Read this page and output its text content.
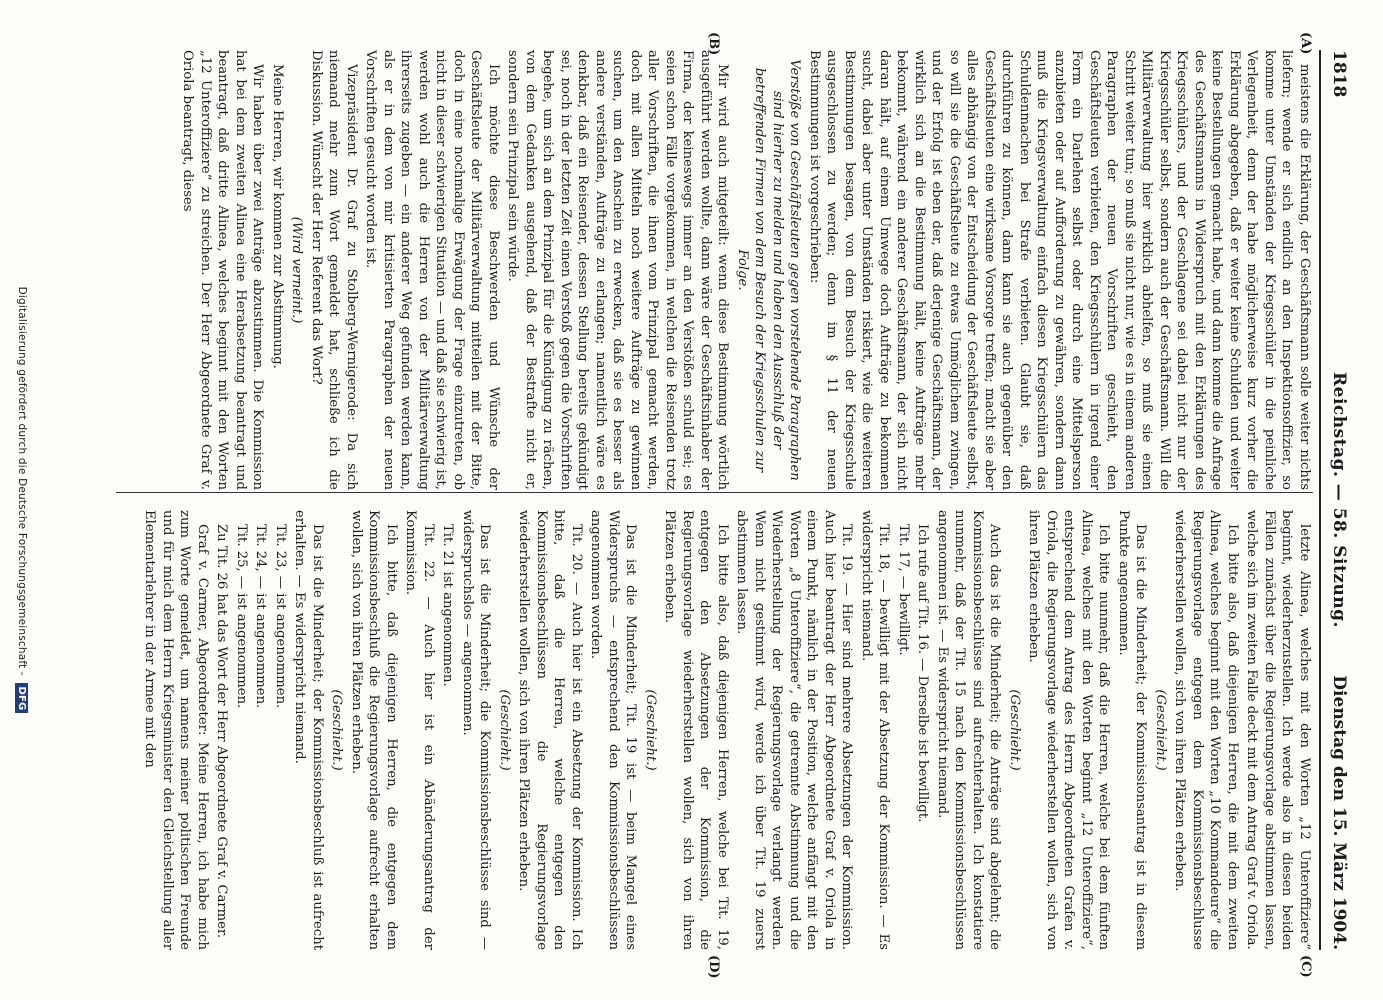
1818
Reichstag. — 58. Sitzung.
Dienstag den 15. März 1904.
(A)
(B)
(C)
(D)

meistens die Erklärung, der Geschäftsmann solle weiter nichts liefern; wende er sich endlich an den Inspektionsoffizier, so komme unter Umständen der Kriegsschüler in die peinliche Verlegenheit, denn der habe möglicherweise kurz vorher die Erklärung abgegeben, daß er weiter keine Schulden und weiter keine Bestellungen gemacht habe, und dann komme die Anfrage des Geschäftsmanns in Widerspruch mit den Erklärungen des Kriegsschülers, und der Geschlagene sei dabei nicht nur der Kriegsschüler selbst, sondern auch der Geschäftsmann. Will die Militärverwaltung hier wirklich abhelfen, so muß sie einen Schritt weiter tun; so muß sie nicht nur, wie es in einem anderen Paragraphen der neuen Vorschriften geschieht, den Geschäftsleuten verbieten, den Kriegsschülern in irgend einer Form ein Darlehen selbst oder durch eine Mittelsperson anzubieten oder auf Aufforderung zu gewähren, sondern dann muß die Kriegsverwaltung einfach diesen Kriegsschülern das Schuldenmachen bei Strafe verbieten. Glaubt sie, daß durchführen zu können, dann kann sie auch gegenüber den Geschäftsleuten eine wirksame Vorsorge treffen; macht sie aber alles abhängig von der Entscheidung der Geschäftsleute selbst, so will sie die Geschäftsleute zu etwas Unmöglichem zwingen, und der Erfolg ist eben der, daß derjenige Geschäftsmann, der wirklich sich an die Bestimmung hält, keine Aufträge mehr bekommt, während ein anderer Geschäftsmann, der sich nicht daran hält, auf einem Umwege doch Aufträge zu bekommen sucht, dabei aber unter Umständen riskiert, wie die weiteren Bestimmungen besagen, von dem Besuch der Kriegsschule ausgeschlossen zu werden; denn im § 11 der neuen Bestimmungen ist vorgeschrieben:

Verstöße von Geschäftsleuten gegen vorstehende Paragraphen sind hierher zu melden und haben den Ausschluß der betreffenden Firmen von dem Besuch der Kriegsschulen zur Folge.

Mir wird auch mitgeteilt: wenn diese Bestimmung wörtlich ausgeführt werden wollte, dann wäre der Geschäftsinhaber der Firma, der keineswegs immer an den Verstößen schuld sei; es seien schon Fälle vorgekommen, in welchen die Reisenden trotz aller Vorschriften, die ihnen vom Prinzipal gemacht werden, doch mit allen Mitteln noch weitere Aufträge zu gewinnen suchen, um den Anschein zu erwecken, daß sie es besser als andere verständen, Aufträge zu erlangen; namentlich wäre es denkbar, daß ein Reisender, dessen Stellung bereits gekündigt sei, noch in der letzten Zeit einen Verstoß gegen die Vorschriften begehe, um sich an dem Prinzipal für die Kündigung zu rächen, von dem Gedanken ausgehend, daß der Bestrafte nicht er, sondern sein Prinzipal sein würde.

Ich möchte diese Beschwerden und Wünsche der Geschäftsleute der Militärverwaltung mitteilen mit der Bitte, doch in eine nochmalige Erwägung der Frage einzutreten, ob nicht in dieser schwierigen Situation — und daß sie schwierig ist, werden wohl auch die Herren von der Militärverwaltung ihrerseits zugeben — ein anderer Weg gefunden werden kann, als er in dem von mir kritisierten Paragraphen der neuen Vorschriften gesucht worden ist.

Vizepräsident Dr. Graf zu Stolberg-Wernigerode: Da sich niemand mehr zum Wort gemeldet hat, schließe ich die Diskussion. Wünscht der Herr Referent das Wort?

(Wird verneint.)

Meine Herren, wir kommen zur Abstimmung.

Wir haben über zwei Anträge abzustimmen. Die Kommission hat bei dem zweiten Alinea eine Herabsetzung beantragt und beantragt, daß dritte Alinea, welches beginnt mit den Worten „12 Unteroffiziere“ zu streichen. Der Herr Abgeordnete Graf v. Oriola beantragt, dieses

letzte Alinea, welches mit den Worten „12 Unteroffiziere“ beginnt, wiederherzustellen. Ich werde also in diesen beiden Fällen zunächst über die Regierungsvorlage abstimmen lassen, welche sich im zweiten Falle deckt mit dem Antrag Graf v. Oriola.

Ich bitte also, daß diejenigen Herren, die mit dem zweiten Alinea, welches beginnt mit den Worten „10 Kommandeure“ die Regierungsvorlage entgegen dem Kommissionsbeschlusse wiederherstellen wollen, sich von ihren Plätzen erheben.

(Geschieht.)

Das ist die Minderheit; der Kommissionsantrag ist in diesem Punkte angenommen.

Ich bitte nunmehr, daß die Herren, welche bei dem fünften Alinea, welches mit den Worten beginnt „12 Unteroffiziere“, entsprechend dem Antrag des Herrn Abgeordneten Grafen v. Oriola, die Regierungsvorlage wiederherstellen wollen, sich von ihren Plätzen erheben.

(Geschieht.)

Auch das ist die Minderheit; die Anträge sind abgelehnt; die Kommissionsbeschlüsse sind aufrechterhalten. Ich konstatiere nunmehr, daß der Tit. 15 nach den Kommissionsbeschlüssen angenommen ist. — Es widerspricht niemand.

Ich rufe auf Tit. 16. — Derselbe ist bewilligt.

Tit. 17, — bewilligt.

Tit. 18, — bewilligt mit der Absetzung der Kommission. — Es widerspricht niemand.

Tit. 19. — Hier sind mehrere Absetzungen der Kommission. Auch hier beantragt der Herr Abgeordnete Graf v. Oriola in einem Punkt, nämlich in der Position, welche anfängt mit den Worten „8 Unteroffiziere“, die getrennte Abstimmung und die Wiederherstellung der Regierungsvorlage verlangt werden. Wenn nicht gestimmt wird, werde ich über Tit. 19 zuerst abstimmen lassen.

Ich bitte also, daß diejenigen Herren, welche bei Tit. 19, entgegen den Absetzungen der Kommission, die Regierungsvorlage wiederherstellen wollen, sich von ihren Plätzen erheben.

(Geschieht.)

Das ist die Minderheit; Tit. 19 ist — beim Mangel eines Widerspruchs — entsprechend den Kommissionsbeschlüssen angenommen worden.

Tit. 20. — Auch hier ist ein Absetzung der Kommission. Ich bitte, daß die Herren, welche entgegen den Kommissionsbeschlüssen die Regierungsvorlage wiederherstellen wollen, sich von ihren Plätzen erheben.

(Geschieht.)

Das ist die Minderheit; die Kommissionsbeschlüsse sind — widerspruchslos — angenommen.

Tit. 21 ist angenommen.

Tit. 22. — Auch hier ist ein Abänderungsantrag der Kommission.

Ich bitte, daß diejenigen Herren, die entgegen dem Kommissionsbeschluß die Regierungsvorlage aufrecht erhalten wollen, sich von ihren Plätzen erheben.

(Geschieht.)

Das ist die Minderheit; der Kommissionsbeschluß ist aufrecht erhalten. — Es widerspricht niemand.

Tit. 23, — ist angenommen.

Tit. 24, — ist angenommen.

Tit. 25, — ist angenommen.

Zu Tit. 26 hat das Wort der Herr Abgeordnete Graf v. Carmer.

Graf v. Carmer, Abgeordneter: Meine Herren, ich habe mich zum Worte gemeldet, um namens meiner politischen Freunde und für mich dem Herrn Kriegsminister den Gleichstellung aller Elementarlehrer in der Armee mit den

Digitalisierung gefördert durch die Deutsche Forschungsgemeinschaft - DFG
